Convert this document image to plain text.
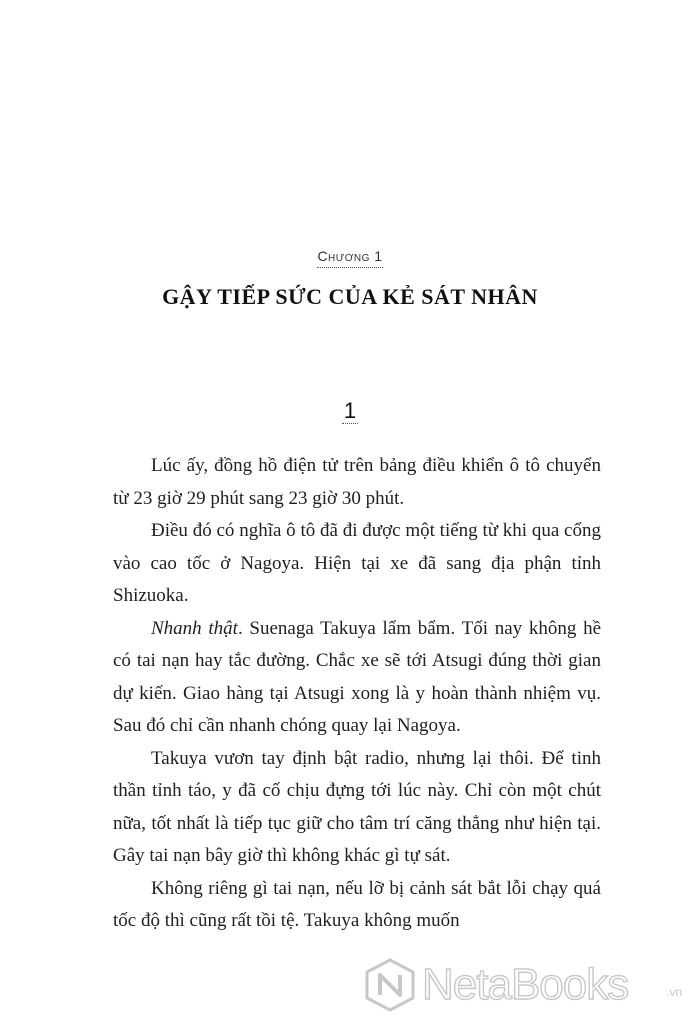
Chương 1
GẬY TIẾP SỨC CỦA KẺ SÁT NHÂN
1

Lúc ấy, đồng hồ điện tử trên bảng điều khiển ô tô chuyển từ 23 giờ 29 phút sang 23 giờ 30 phút.

Điều đó có nghĩa ô tô đã đi được một tiếng từ khi qua cổng vào cao tốc ở Nagoya. Hiện tại xe đã sang địa phận tỉnh Shizuoka.

Nhanh thật. Suenaga Takuya lẩm bẩm. Tối nay không hề có tai nạn hay tắc đường. Chắc xe sẽ tới Atsugi đúng thời gian dự kiến. Giao hàng tại Atsugi xong là y hoàn thành nhiệm vụ. Sau đó chỉ cần nhanh chóng quay lại Nagoya.

Takuya vươn tay định bật radio, nhưng lại thôi. Để tinh thần tỉnh táo, y đã cố chịu đựng tới lúc này. Chỉ còn một chút nữa, tốt nhất là tiếp tục giữ cho tâm trí căng thẳng như hiện tại. Gây tai nạn bây giờ thì không khác gì tự sát.

Không riêng gì tai nạn, nếu lỡ bị cảnh sát bắt lỗi chạy quá tốc độ thì cũng rất tồi tệ. Takuya không muốn

NetaBooks	.vn
